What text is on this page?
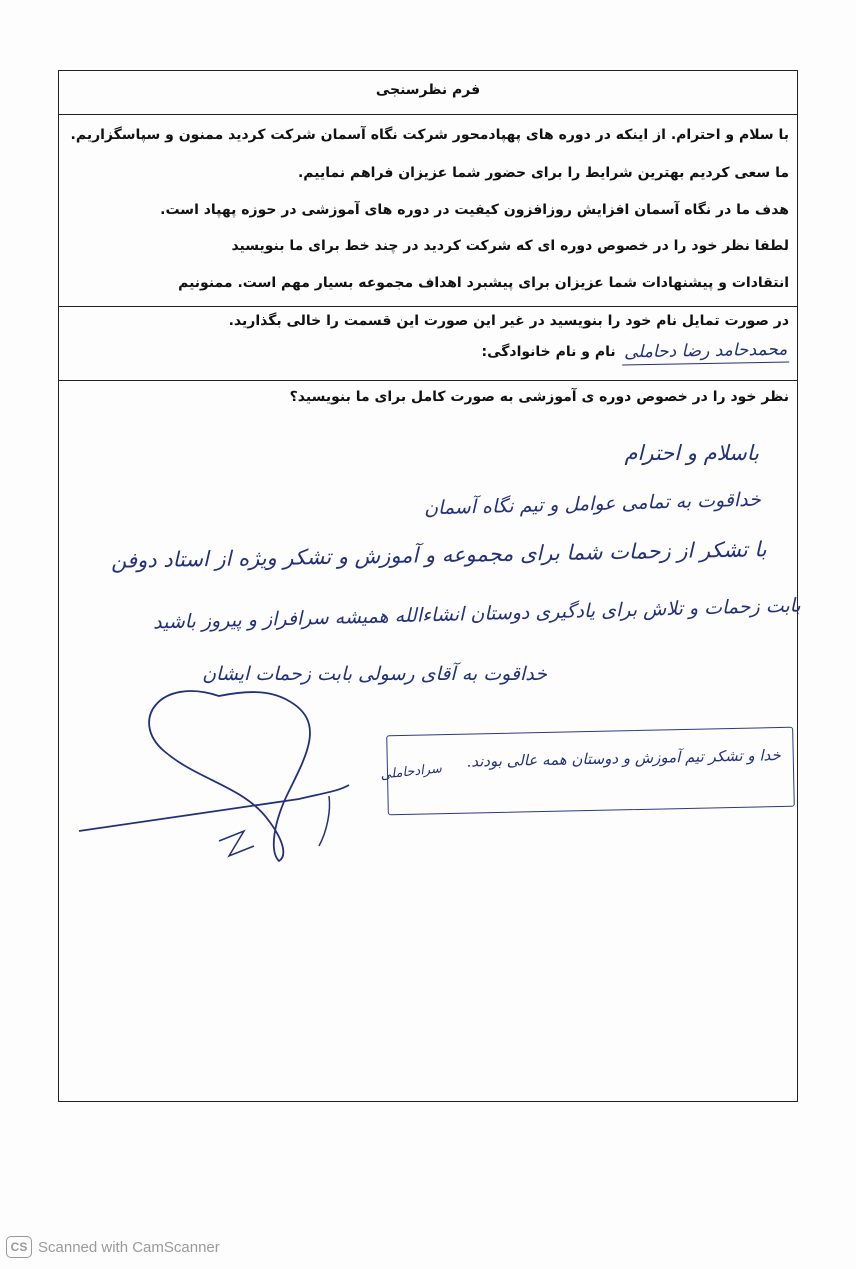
فرم نظرسنجی
با سلام و احترام. از اینکه در دوره های پهپادمحور شرکت نگاه آسمان شرکت کردید ممنون و سپاسگزاریم.
ما سعی کردیم بهترین شرایط را برای حضور شما عزیزان فراهم نماییم.
هدف ما در نگاه آسمان افزایش روزافزون کیفیت در دوره های آموزشی در حوزه پهپاد است.
لطفا نظر خود را در خصوص دوره ای که شرکت کردید در چند خط برای ما بنویسید
انتقادات و پیشنهادات شما عزیزان برای پیشبرد اهداف مجموعه بسیار مهم است. ممنونیم
در صورت تمایل نام خود را بنویسید در غیر این صورت این قسمت را خالی بگذارید.
نام و نام خانوادگی: محمدحامد رضا دحاملی
نظر خود را در خصوص دوره ی آموزشی به صورت کامل برای ما بنویسید؟
باسلام و احترام
خداقوت به تمامی عوامل و تیم نگاه آسمان
با تشکر از زحمات شما برای مجموعه و آموزش و تشکر ویژه از استاد دوفن
بابت زحمات و تلاش برای یادگیری دوستان انشاءالله همیشه سرافراز و پیروز باشید
خداقوت به آقای رسولی بابت زحمات ایشان
خدا و تشکر تیم آموزش و دوستان همه عالی بودند.
سرادحاملی
CS Scanned with CamScanner
